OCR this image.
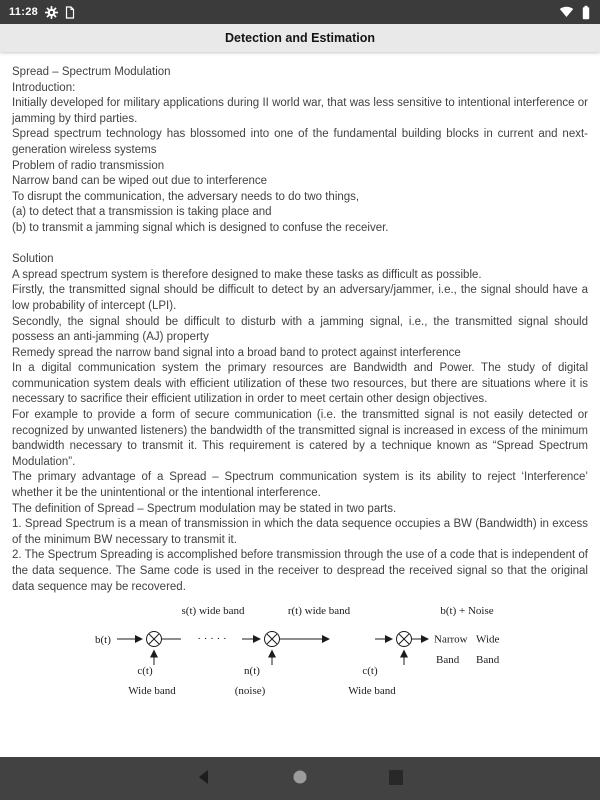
11:28
Detection and Estimation

Spread – Spectrum Modulation

Introduction:

Initially developed for military applications during II world war, that was less sensitive to intentional interference or jamming by third parties.

Spread spectrum technology has blossomed into one of the fundamental building blocks in current and next-generation wireless systems

Problem of radio transmission

Narrow band can be wiped out due to interference

To disrupt the communication, the adversary needs to do two things,

(a) to detect that a transmission is taking place and

(b) to transmit a jamming signal which is designed to confuse the receiver.

Solution

A spread spectrum system is therefore designed to make these tasks as difficult as possible.

Firstly, the transmitted signal should be difficult to detect by an adversary/jammer, i.e., the signal should have a low probability of intercept (LPI).

Secondly, the signal should be difficult to disturb with a jamming signal, i.e., the transmitted signal should possess an anti-jamming (AJ) property

Remedy spread the narrow band signal into a broad band to protect against interference

In a digital communication system the primary resources are Bandwidth and Power. The study of digital communication system deals with efficient utilization of these two resources, but there are situations where it is necessary to sacrifice their efficient utilization in order to meet certain other design objectives.

For example to provide a form of secure communication (i.e. the transmitted signal is not easily detected or recognized by unwanted listeners) the bandwidth of the transmitted signal is increased in excess of the minimum bandwidth necessary to transmit it. This requirement is catered by a technique known as “Spread Spectrum Modulation”.

The primary advantage of a Spread – Spectrum communication system is its ability to reject ‘Interference’ whether it be the unintentional or the intentional interference.

The definition of Spread – Spectrum modulation may be stated in two parts.

1. Spread Spectrum is a mean of transmission in which the data sequence occupies a BW (Bandwidth) in excess of the minimum BW necessary to transmit it.

2. The Spectrum Spreading is accomplished before transmission through the use of a code that is independent of the data sequence. The Same code is used in the receiver to despread the received signal so that the original data sequence may be recovered.

s(t) wide band	r(t) wide band	b(t) + Noise
b(t)	· · · · ·
c(t)
Wide band
n(t)
(noise)
Narrow
Band
Wide
Band
c(t)
Wide band
